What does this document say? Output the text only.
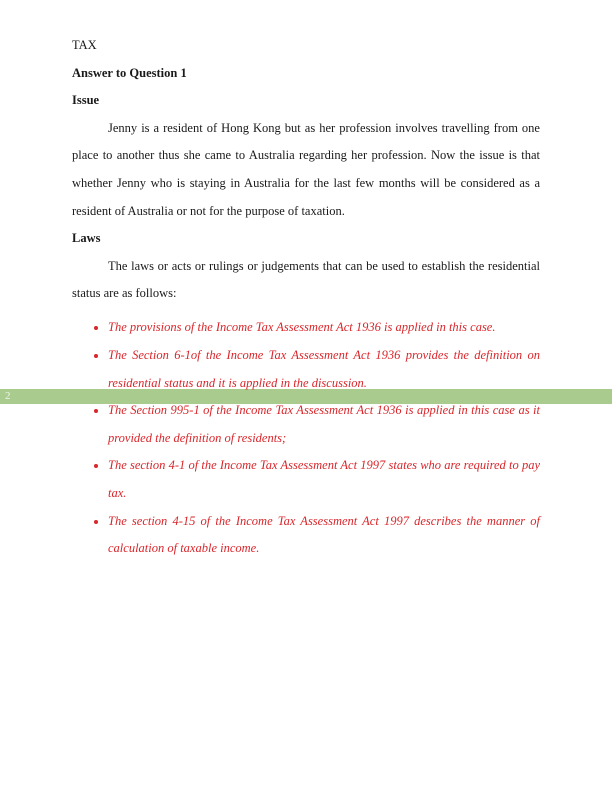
2
TAX
Answer to Question 1
Issue

Jenny is a resident of Hong Kong but as her profession involves travelling from one place to another thus she came to Australia regarding her profession. Now the issue is that whether Jenny who is staying in Australia for the last few months will be considered as a resident of Australia or not for the purpose of taxation.

Laws

The laws or acts or rulings or judgements that can be used to establish the residential status are as follows:

The provisions of the Income Tax Assessment Act 1936 is applied in this case.
The Section 6-1of the Income Tax Assessment Act 1936 provides the definition on residential status and it is applied in the discussion.
The Section 995-1 of the Income Tax Assessment Act 1936 is applied in this case as it provided the definition of residents;
The section 4-1 of the Income Tax Assessment Act 1997 states who are required to pay tax.
The section 4-15 of the Income Tax Assessment Act 1997 describes the manner of calculation of taxable income.
